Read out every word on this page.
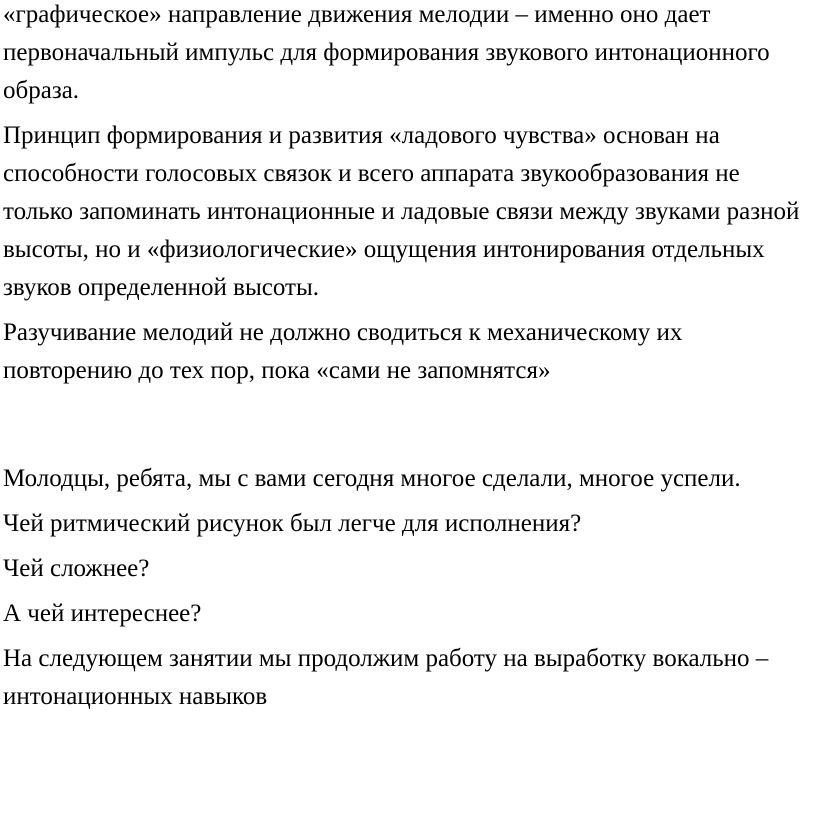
«графическое» направление движения мелодии – именно оно дает первоначальный импульс для формирования звукового интонационного образа.

Принцип формирования и развития «ладового чувства» основан на способности голосовых связок и всего аппарата звукообразования не только запоминать интонационные и ладовые связи между звуками разной высоты, но и «физиологические» ощущения интонирования отдельных звуков определенной высоты.

Разучивание мелодий не должно сводиться к механическому их повторению до тех пор, пока «сами не запомнятся»

Молодцы, ребята, мы с вами сегодня многое сделали, многое успели.

Чей ритмический рисунок был легче для исполнения?

Чей сложнее?

А чей интереснее?

На следующем занятии мы продолжим работу на выработку вокально – интонационных навыков
